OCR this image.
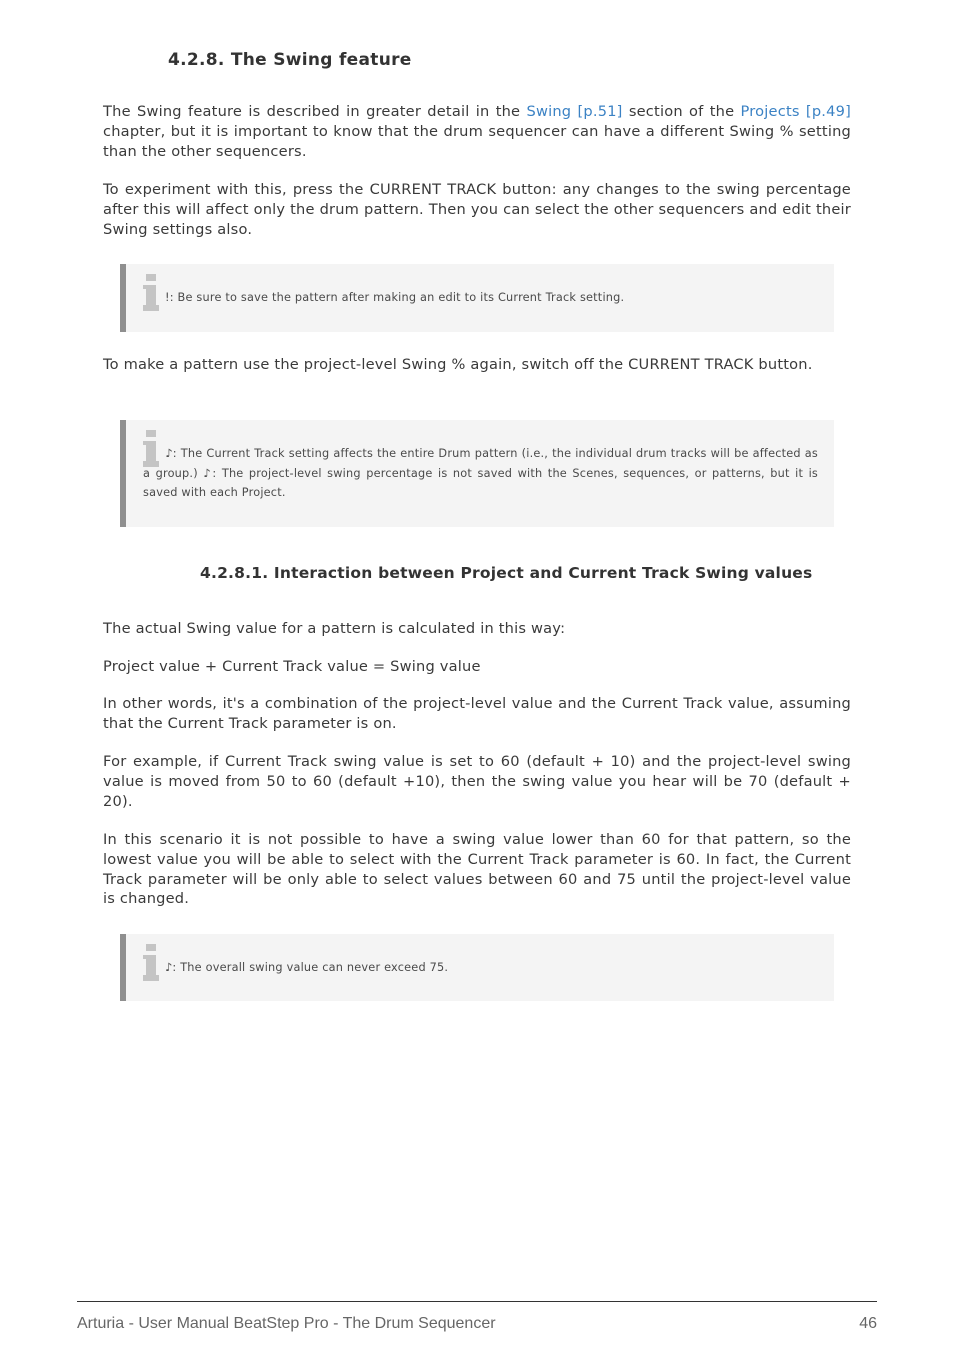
4.2.8. The Swing feature

The Swing feature is described in greater detail in the Swing [p.51] section of the Projects [p.49] chapter, but it is important to know that the drum sequencer can have a different Swing % setting than the other sequencers.

To experiment with this, press the CURRENT TRACK button: any changes to the swing percentage after this will affect only the drum pattern. Then you can select the other sequencers and edit their Swing settings also.

!: Be sure to save the pattern after making an edit to its Current Track setting.

To make a pattern use the project-level Swing % again, switch off the CURRENT TRACK button.

♪: The Current Track setting affects the entire Drum pattern (i.e., the individual drum tracks will be affected as a group.) ♪: The project-level swing percentage is not saved with the Scenes, sequences, or patterns, but it is saved with each Project.
4.2.8.1. Interaction between Project and Current Track Swing values

The actual Swing value for a pattern is calculated in this way:

Project value + Current Track value = Swing value

In other words, it's a combination of the project-level value and the Current Track value, assuming that the Current Track parameter is on.

For example, if Current Track swing value is set to 60 (default + 10) and the project-level swing value is moved from 50 to 60 (default +10), then the swing value you hear will be 70 (default + 20).

In this scenario it is not possible to have a swing value lower than 60 for that pattern, so the lowest value you will be able to select with the Current Track parameter is 60. In fact, the Current Track parameter will be only able to select values between 60 and 75 until the project-level value is changed.

♪: The overall swing value can never exceed 75.
Arturia - User Manual BeatStep Pro - The Drum Sequencer	46
